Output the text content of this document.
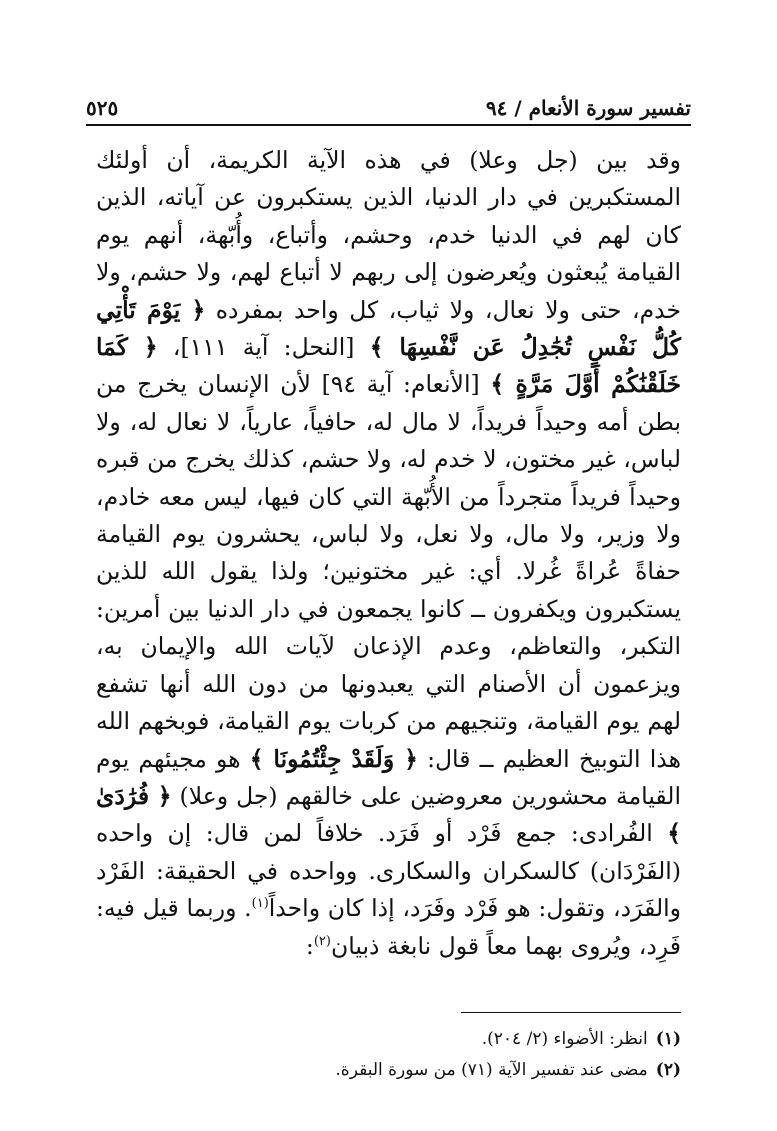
تفسير سورة الأنعام / ٩٤
٥٢٥

وقد بين (جل وعلا) في هذه الآية الكريمة، أن أولئك المستكبرين في دار الدنيا، الذين يستكبرون عن آياته، الذين كان لهم في الدنيا خدم، وحشم، وأتباع، وأُبّهة، أنهم يوم القيامة يُبعثون ويُعرضون إلى ربهم لا أتباع لهم، ولا حشم، ولا خدم، حتى ولا نعال، ولا ثياب، كل واحد بمفرده ﴿ يَوْمَ تَأْتِي كُلُّ نَفْسٍ تُجَٰدِلُ عَن نَّفْسِهَا ﴾ [النحل: آية ١١١]، ﴿ كَمَا خَلَقْنَٰكُمْ أَوَّلَ مَرَّةٍ ﴾ [الأنعام: آية ٩٤] لأن الإنسان يخرج من بطن أمه وحيداً فريداً، لا مال له، حافياً، عارياً، لا نعال له، ولا لباس، غير مختون، لا خدم له، ولا حشم، كذلك يخرج من قبره وحيداً فريداً متجرداً من الأُبّهة التي كان فيها، ليس معه خادم، ولا وزير، ولا مال، ولا نعل، ولا لباس، يحشرون يوم القيامة حفاةً عُراةً غُرلا. أي: غير مختونين؛ ولذا يقول الله للذين يستكبرون ويكفرون ــ كانوا يجمعون في دار الدنيا بين أمرين: التكبر، والتعاظم، وعدم الإذعان لآيات الله والإيمان به، ويزعمون أن الأصنام التي يعبدونها من دون الله أنها تشفع لهم يوم القيامة، وتنجيهم من كربات يوم القيامة، فوبخهم الله هذا التوبيخ العظيم ــ قال: ﴿ وَلَقَدْ جِئْتُمُونَا ﴾ هو مجيئهم يوم القيامة محشورين معروضين على خالقهم (جل وعلا) ﴿ فُرَٰدَىٰ ﴾ الفُرادى: جمع فَرْد أو فَرَد. خلافاً لمن قال: إن واحده (الفَرْدَان) كالسكران والسكارى. وواحده في الحقيقة: الفَرْد والفَرَد، وتقول: هو فَرْد وفَرَد، إذا كان واحداً$^{(١)}$. وربما قيل فيه: فَرِد، ويُروى بهما معاً قول نابغة ذبيان$^{(٢)}$:

(١)انظر: الأضواء (٢/ ٢٠٤).

(٢)مضى عند تفسير الآية (٧١) من سورة البقرة.
